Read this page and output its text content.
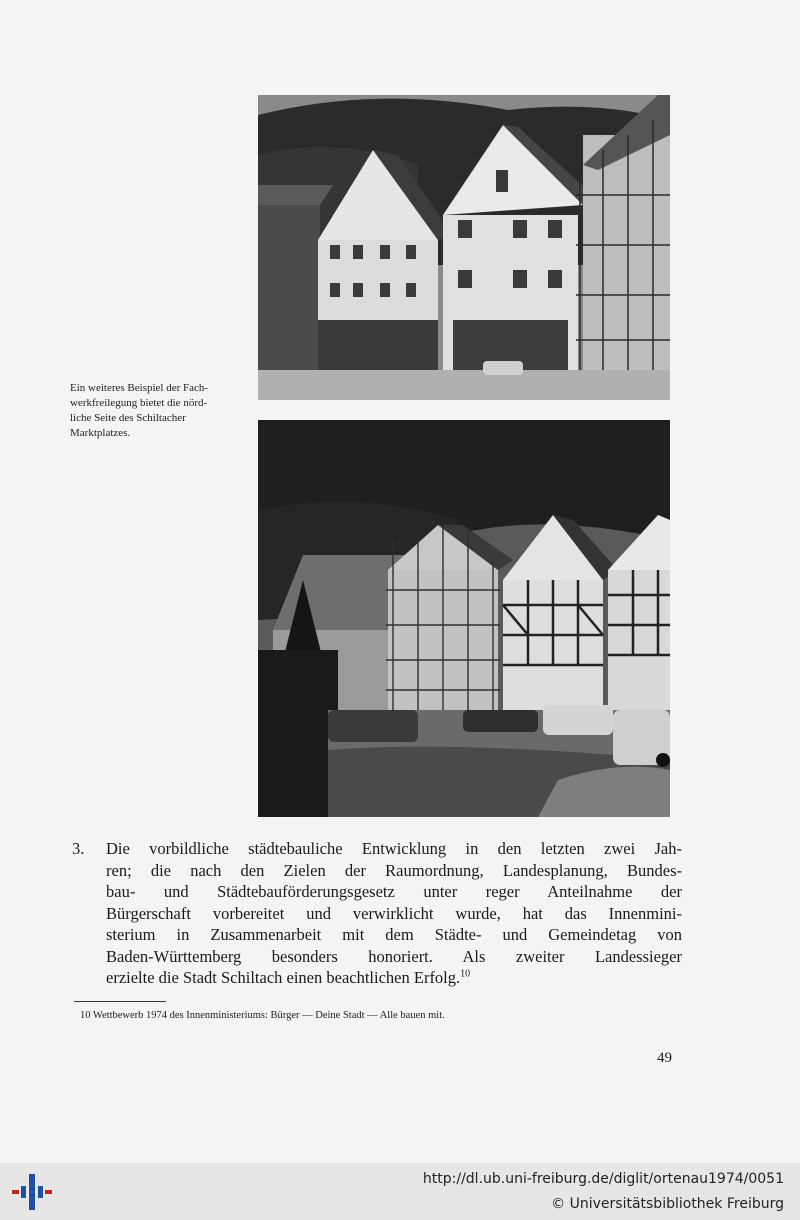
Ein weiteres Beispiel der Fach-
werkfreilegung bietet die nörd-
liche Seite des Schiltacher
Marktplatzes.
3. Die vorbildliche städtebauliche Entwicklung in den letzten zwei Jah-
ren; die nach den Zielen der Raumordnung, Landesplanung, Bundes-
bau- und Städtebauförderungsgesetz unter reger Anteilnahme der
Bürgerschaft vorbereitet und verwirklicht wurde, hat das Innenmini-
sterium in Zusammenarbeit mit dem Städte- und Gemeindetag von
Baden-Württemberg besonders honoriert. Als zweiter Landessieger
erzielte die Stadt Schiltach einen beachtlichen Erfolg.$^{10}$
10 Wettbewerb 1974 des Innenministeriums: Bürger — Deine Stadt — Alle bauen mit.
49
http://dl.ub.uni-freiburg.de/diglit/ortenau1974/0051
© Universitätsbibliothek Freiburg
